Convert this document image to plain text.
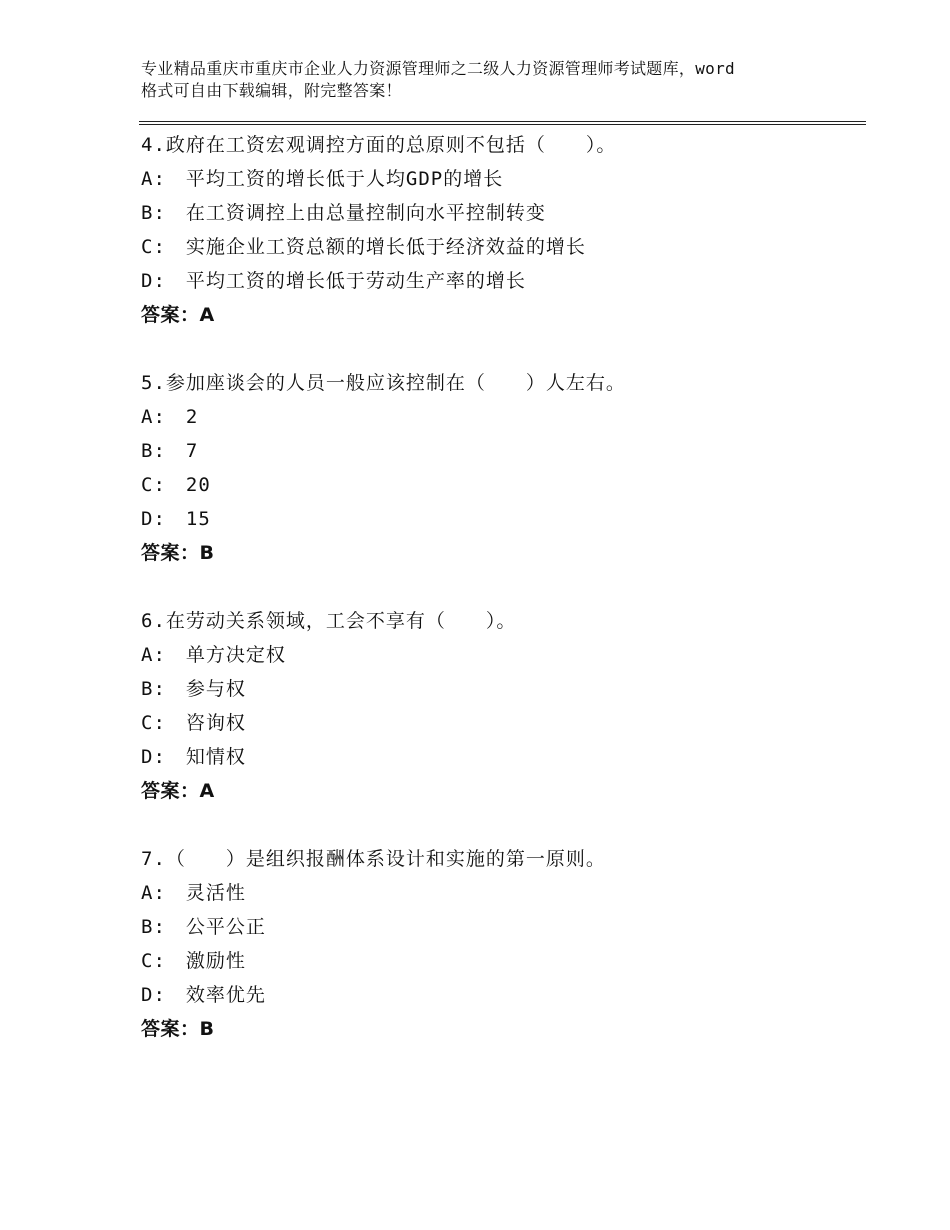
专业精品重庆市重庆市企业人力资源管理师之二级人力资源管理师考试题库，word
格式可自由下载编辑，附完整答案！
4.政府在工资宏观调控方面的总原则不包括（　　）。
A:　平均工资的增长低于人均GDP的增长
B:　在工资调控上由总量控制向水平控制转变
C:　实施企业工资总额的增长低于经济效益的增长
D:　平均工资的增长低于劳动生产率的增长
答案：A
5.参加座谈会的人员一般应该控制在（　　）人左右。
A:　2
B:　7
C:　20
D:　15
答案：B
6.在劳动关系领域，工会不享有（　　）。
A:　单方决定权
B:　参与权
C:　咨询权
D:　知情权
答案：A
7.（　　）是组织报酬体系设计和实施的第一原则。
A:　灵活性
B:　公平公正
C:　激励性
D:　效率优先
答案：B
